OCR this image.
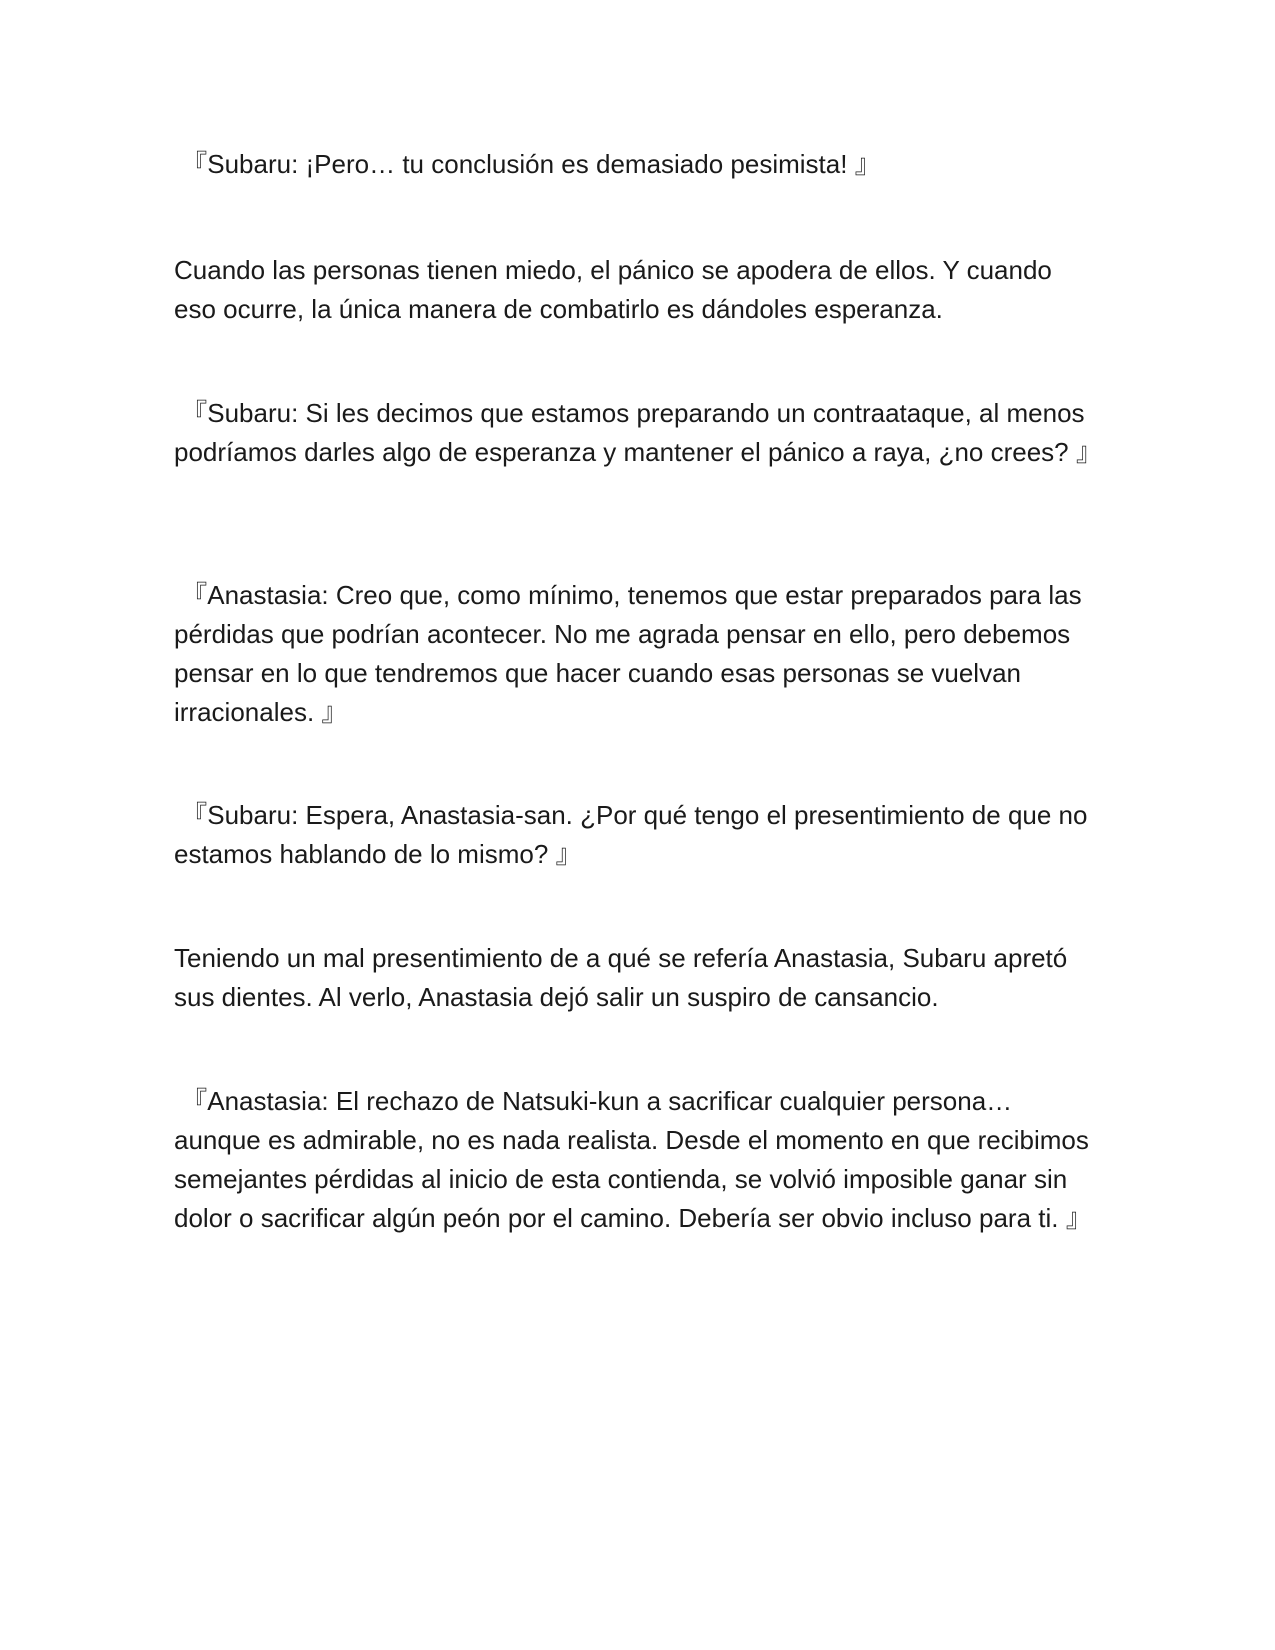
『Subaru: ¡Pero… tu conclusión es demasiado pesimista! 』

Cuando las personas tienen miedo, el pánico se apodera de ellos. Y cuando eso ocurre, la única manera de combatirlo es dándoles esperanza.

『Subaru: Si les decimos que estamos preparando un contraataque, al menos podríamos darles algo de esperanza y mantener el pánico a raya, ¿no crees? 』

『Anastasia: Creo que, como mínimo, tenemos que estar preparados para las pérdidas que podrían acontecer. No me agrada pensar en ello, pero debemos pensar en lo que tendremos que hacer cuando esas personas se vuelvan irracionales. 』

『Subaru: Espera, Anastasia-san. ¿Por qué tengo el presentimiento de que no estamos hablando de lo mismo? 』

Teniendo un mal presentimiento de a qué se refería Anastasia, Subaru apretó sus dientes. Al verlo, Anastasia dejó salir un suspiro de cansancio.

『Anastasia: El rechazo de Natsuki-kun a sacrificar cualquier persona… aunque es admirable, no es nada realista. Desde el momento en que recibimos semejantes pérdidas al inicio de esta contienda, se volvió imposible ganar sin dolor o sacrificar algún peón por el camino. Debería ser obvio incluso para ti. 』
